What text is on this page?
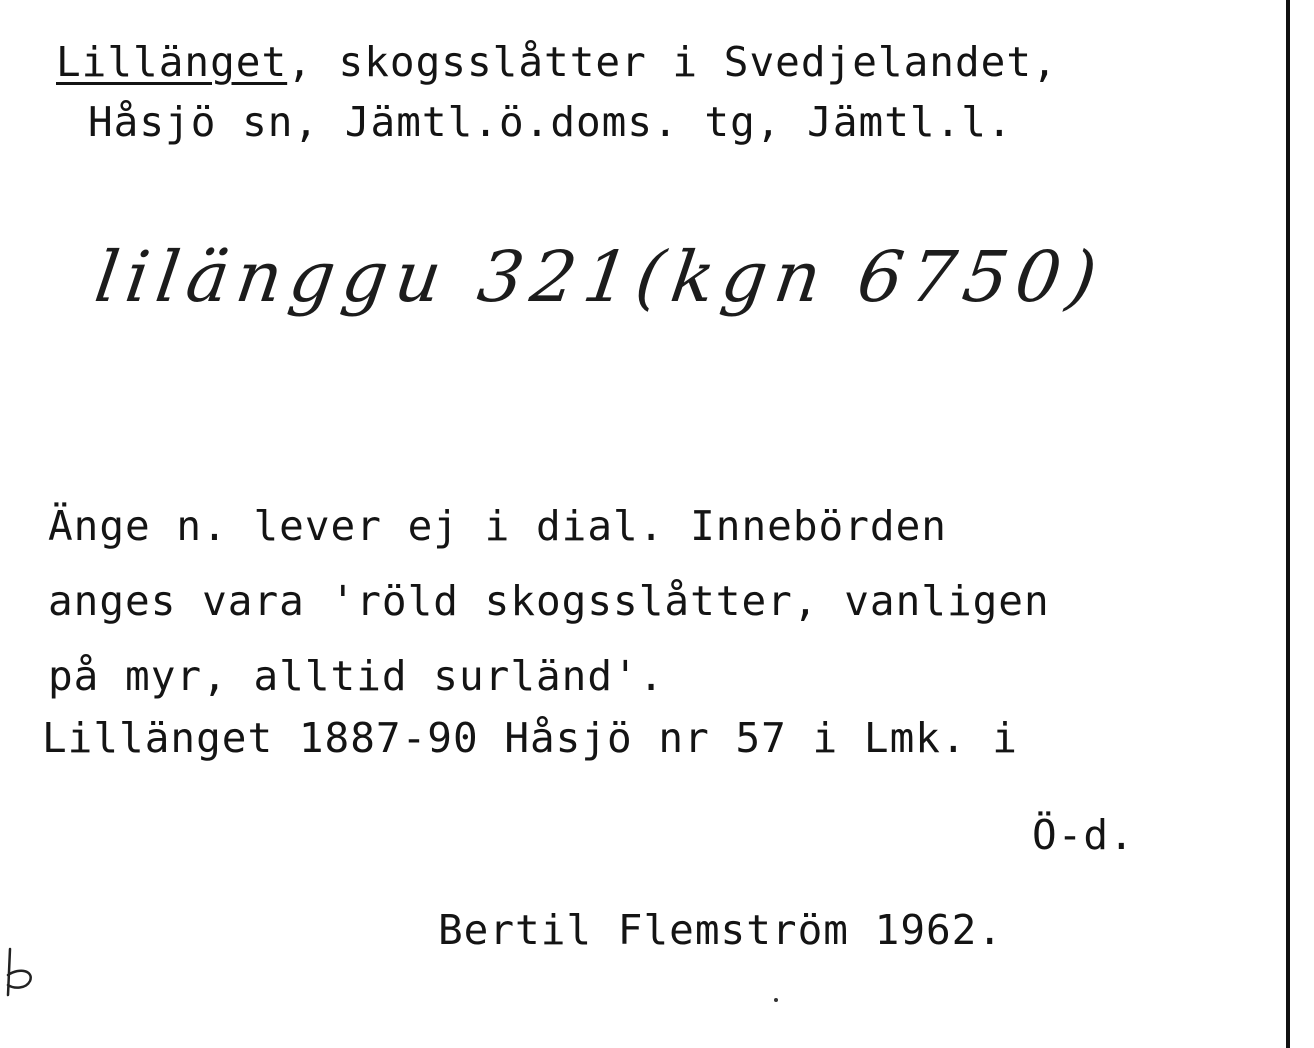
Lillänget, skogsslåtter i Svedjelandet,
Håsjö sn, Jämtl.ö.doms. tg, Jämtl.l.
lilänggu 321(kgn 6750)
Änge n. lever ej i dial. Innebörden
anges vara 'röld skogsslåtter, vanligen
på myr, alltid surländ'.
Lillänget 1887-90 Håsjö nr 57 i Lmk. i
Ö-d.
Bertil Flemström 1962.
